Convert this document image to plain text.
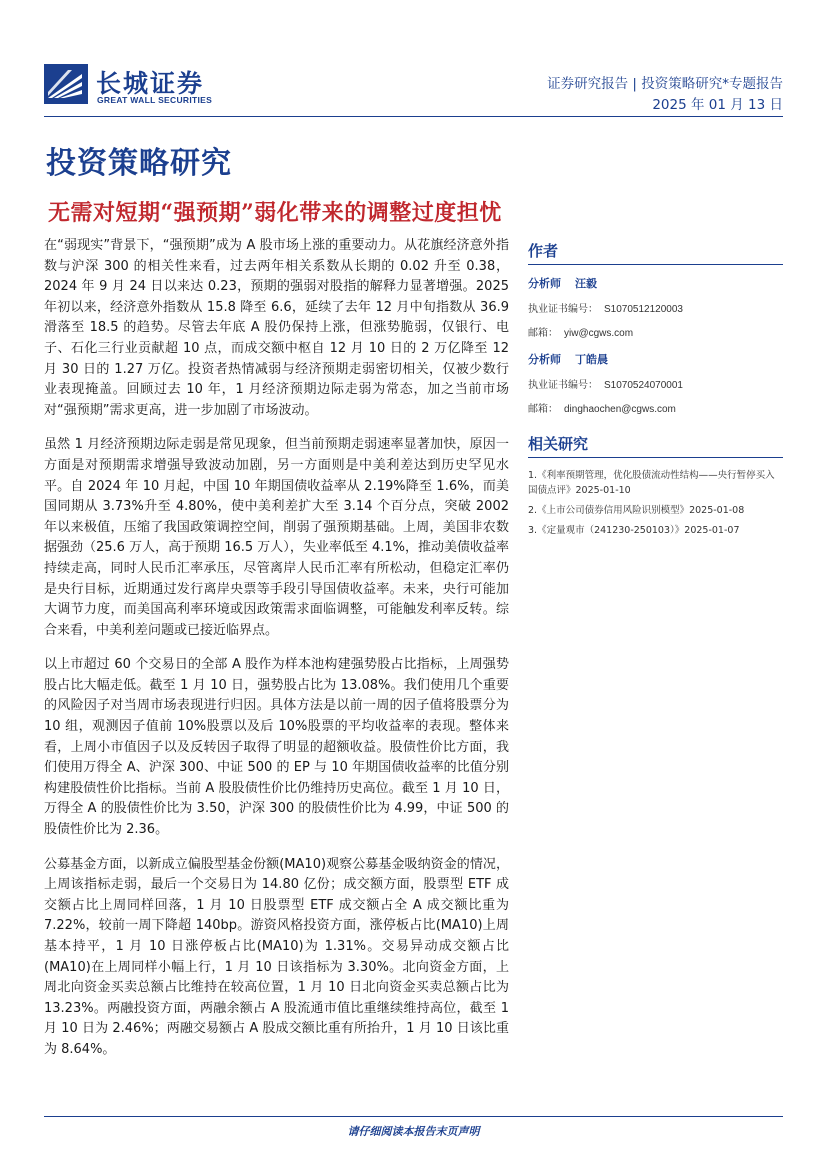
长城证券
GREAT WALL SECURITIES
证券研究报告 | 投资策略研究*专题报告
2025 年 01 月 13 日
投资策略研究
无需对短期“强预期”弱化带来的调整过度担忧

在“弱现实”背景下，“强预期”成为 A 股市场上涨的重要动力。从花旗经济意外指数与沪深 300 的相关性来看，过去两年相关系数从长期的 0.02 升至 0.38，2024 年 9 月 24 日以来达 0.23，预期的强弱对股指的解释力显著增强。2025 年初以来，经济意外指数从 15.8 降至 6.6，延续了去年 12 月中旬指数从 36.9 滑落至 18.5 的趋势。尽管去年底 A 股仍保持上涨，但涨势脆弱，仅银行、电子、石化三行业贡献超 10 点，而成交额中枢自 12 月 10 日的 2 万亿降至 12 月 30 日的 1.27 万亿。投资者热情减弱与经济预期走弱密切相关，仅被少数行业表现掩盖。回顾过去 10 年，1 月经济预期边际走弱为常态，加之当前市场对“强预期”需求更高，进一步加剧了市场波动。

虽然 1 月经济预期边际走弱是常见现象，但当前预期走弱速率显著加快，原因一方面是对预期需求增强导致波动加剧，另一方面则是中美利差达到历史罕见水平。自 2024 年 10 月起，中国 10 年期国债收益率从 2.19%降至 1.6%，而美国同期从 3.73%升至 4.80%，使中美利差扩大至 3.14 个百分点，突破 2002 年以来极值，压缩了我国政策调控空间，削弱了强预期基础。上周，美国非农数据强劲（25.6 万人，高于预期 16.5 万人），失业率低至 4.1%，推动美债收益率持续走高，同时人民币汇率承压，尽管离岸人民币汇率有所松动，但稳定汇率仍是央行目标，近期通过发行离岸央票等手段引导国债收益率。未来，央行可能加大调节力度，而美国高利率环境或因政策需求面临调整，可能触发利率反转。综合来看，中美利差问题或已接近临界点。

以上市超过 60 个交易日的全部 A 股作为样本池构建强势股占比指标，上周强势股占比大幅走低。截至 1 月 10 日，强势股占比为 13.08%。我们使用几个重要的风险因子对当周市场表现进行归因。具体方法是以前一周的因子值将股票分为 10 组，观测因子值前 10%股票以及后 10%股票的平均收益率的表现。整体来看，上周小市值因子以及反转因子取得了明显的超额收益。股债性价比方面，我们使用万得全 A、沪深 300、中证 500 的 EP 与 10 年期国债收益率的比值分别构建股债性价比指标。当前 A 股股债性价比仍维持历史高位。截至 1 月 10 日，万得全 A 的股债性价比为 3.50，沪深 300 的股债性价比为 4.99，中证 500 的股债性价比为 2.36。

公募基金方面，以新成立偏股型基金份额(MA10)观察公募基金吸纳资金的情况，上周该指标走弱，最后一个交易日为 14.80 亿份；成交额方面，股票型 ETF 成交额占比上周同样回落，1 月 10 日股票型 ETF 成交额占全 A 成交额比重为 7.22%，较前一周下降超 140bp。游资风格投资方面，涨停板占比(MA10)上周基本持平，1 月 10 日涨停板占比(MA10)为 1.31%。交易异动成交额占比(MA10)在上周同样小幅上行，1 月 10 日该指标为 3.30%。北向资金方面，上周北向资金买卖总额占比维持在较高位置，1 月 10 日北向资金买卖总额占比为 13.23%。两融投资方面，两融余额占 A 股流通市值比重继续维持高位，截至 1 月 10 日为 2.46%；两融交易额占 A 股成交额比重有所抬升，1 月 10 日该比重为 8.64%。

作者
分析师 汪毅
执业证书编号： S1070512120003
邮箱： yiw@cgws.com
分析师 丁皓晨
执业证书编号： S1070524070001
邮箱： dinghaochen@cgws.com
相关研究
1.《利率预期管理，优化股债流动性结构——央行暂停买入国债点评》2025-01-10
2.《上市公司债券信用风险识别模型》2025-01-08
3.《定量观市（241230-250103）》2025-01-07
请仔细阅读本报告末页声明
